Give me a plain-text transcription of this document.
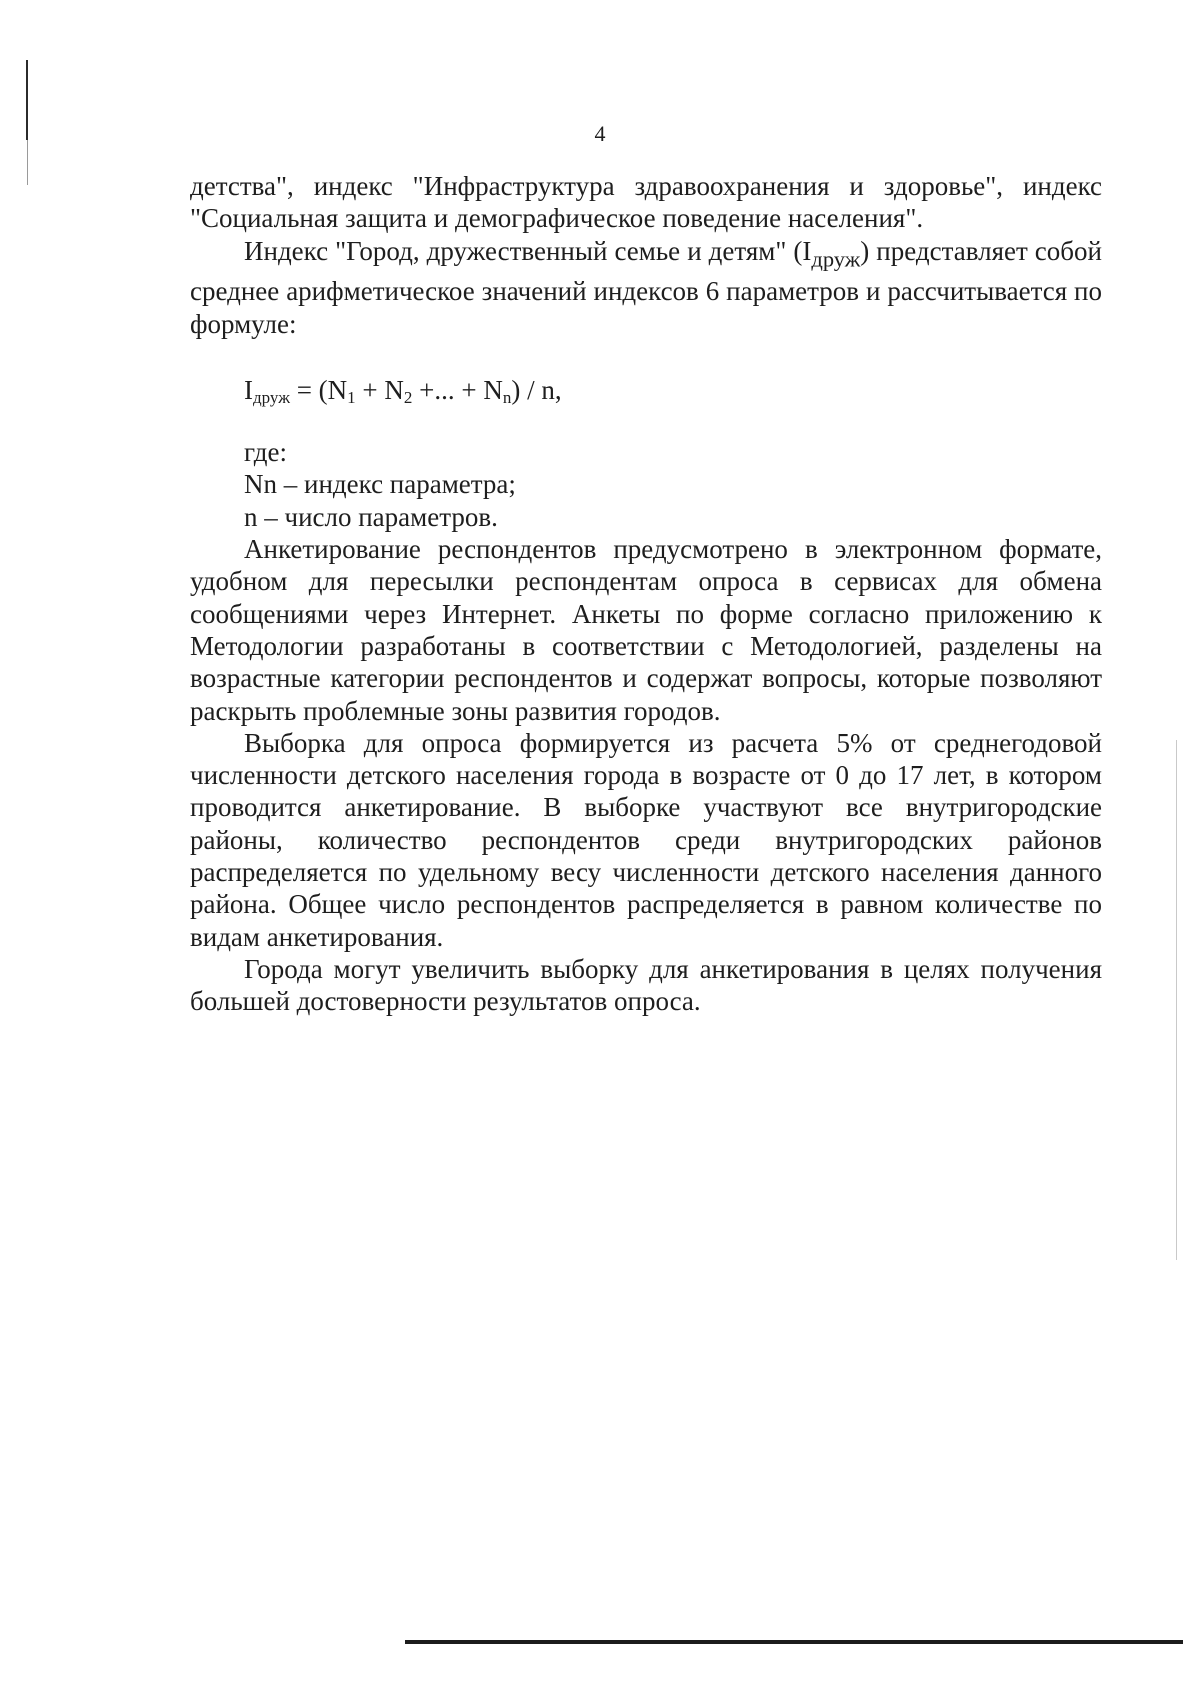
4

детства", индекс "Инфраструктура здравоохранения и здоровье", индекс "Социальная защита и демографическое поведение населения".

Индекс "Город, дружественный семье и детям" $(I_{друж})$ представляет собой среднее арифметическое значений индексов 6 параметров и рассчитывается по формуле:

$I_{друж} = (N_1 + N_2$ +... + $N_n$) / n,

где:

Nn – индекс параметра;

n – число параметров.

Анкетирование респондентов предусмотрено в электронном формате, удобном для пересылки респондентам опроса в сервисах для обмена сообщениями через Интернет. Анкеты по форме согласно приложению к Методологии разработаны в соответствии с Методологией, разделены на возрастные категории респондентов и содержат вопросы, которые позволяют раскрыть проблемные зоны развития городов.

Выборка для опроса формируется из расчета 5% от среднегодовой численности детского населения города в возрасте от 0 до 17 лет, в котором проводится анкетирование. В выборке участвуют все внутригородские районы, количество респондентов среди внутригородских районов распределяется по удельному весу численности детского населения данного района. Общее число респондентов распределяется в равном количестве по видам анкетирования.

Города могут увеличить выборку для анкетирования в целях получения большей достоверности результатов опроса.
